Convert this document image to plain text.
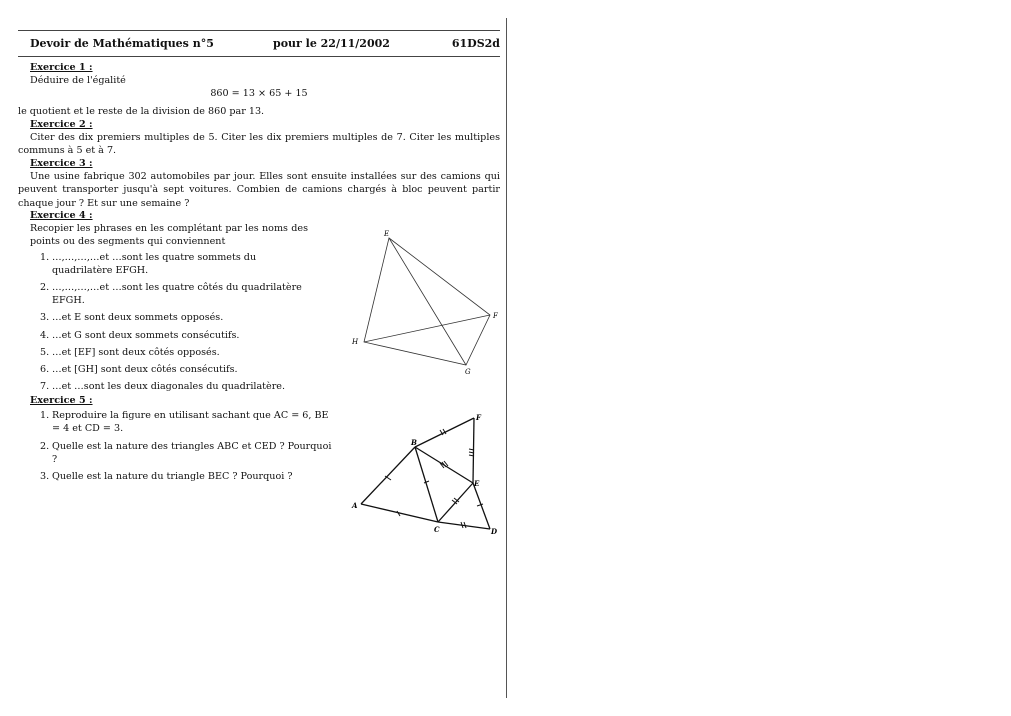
Devoir de Mathématiques n°5	pour le 22/11/2002	61DS2d
Exercice 1 :
Déduire de l'égalité
860 = 13 × 65 + 15
le quotient et le reste de la division de 860 par 13.
Exercice 2 :
Citer des dix premiers multiples de 5. Citer les dix premiers multiples de 7. Citer les multiples communs à 5 et à 7.
Exercice 3 :
Une usine fabrique 302 automobiles par jour. Elles sont ensuite installées sur des camions qui peuvent transporter jusqu'à sept voitures. Combien de camions chargés à bloc peuvent partir chaque jour ? Et sur une semaine ?
Exercice 4 :
Recopier les phrases en les complétant par les noms des points ou des segments qui conviennent
1. …,…,…,…et …sont les quatre sommets du quadrilatère EFGH.
2. …,…,…,…et …sont les quatre côtés du quadrilatère EFGH.
3. …et E sont deux sommets opposés.
4. …et G sont deux sommets consécutifs.
5. …et [EF] sont deux côtés opposés.
6. …et [GH] sont deux côtés consécutifs.
7. …et …sont les deux diagonales du quadrilatère.
Exercice 5 :
1. Reproduire la figure en utilisant sachant que AC = 6, BE = 4 et CD = 3.
2. Quelle est la nature des triangles ABC et CED ? Pourquoi ?
3. Quelle est la nature du triangle BEC ? Pourquoi ?
E
F
G
H
A
B
C	D
E
F
